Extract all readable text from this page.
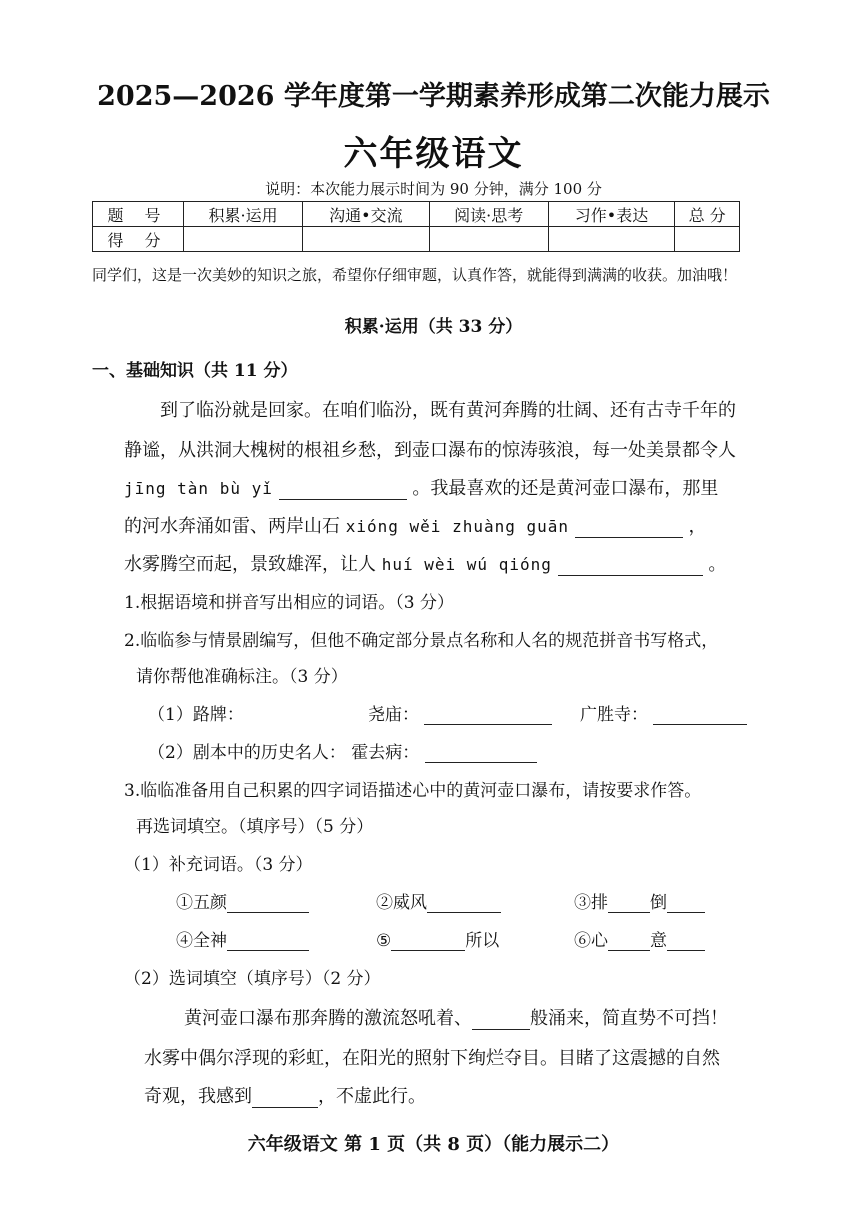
2025—2026 学年度第一学期素养形成第二次能力展示
六年级语文
说明：本次能力展示时间为 90 分钟，满分 100 分
题 号	积累·运用	沟通•交流	阅读·思考	习作•表达	总 分
得 分					
同学们，这是一次美妙的知识之旅，希望你仔细审题，认真作答，就能得到满满的收获。加油哦！
积累·运用（共 33 分）
一、基础知识（共 11 分）
到了临汾就是回家。在咱们临汾，既有黄河奔腾的壮阔、还有古寺千年的
静谧，从洪洞大槐树的根祖乡愁，到壶口瀑布的惊涛骇浪，每一处美景都令人
jīng tàn bù yǐ	。我最喜欢的还是黄河壶口瀑布，那里
的河水奔涌如雷、两岸山石 xióng wěi zhuàng guān	，
水雾腾空而起，景致雄浑，让人 huí wèi wú qióng	。
1.根据语境和拼音写出相应的词语。（3 分）
2.临临参与情景剧编写，但他不确定部分景点名称和人名的规范拼音书写格式，
请你帮他准确标注。（3 分）
（1）路牌：	尧庙：	广胜寺：
（2）剧本中的历史名人： 霍去病：
3.临临准备用自己积累的四字词语描述心中的黄河壶口瀑布，请按要求作答。
再选词填空。（填序号）（5 分）
（1）补充词语。（3 分）
①五颜	②威风	③排 倒
④全神	⑤	所以	⑥心 意
（2）选词填空（填序号）（2 分）
黄河壶口瀑布那奔腾的激流怒吼着、	般涌来，简直势不可挡！
水雾中偶尔浮现的彩虹，在阳光的照射下绚烂夺目。目睹了这震撼的自然
奇观，我感到	，不虚此行。
六年级语文 第 1 页（共 8 页）（能力展示二）
